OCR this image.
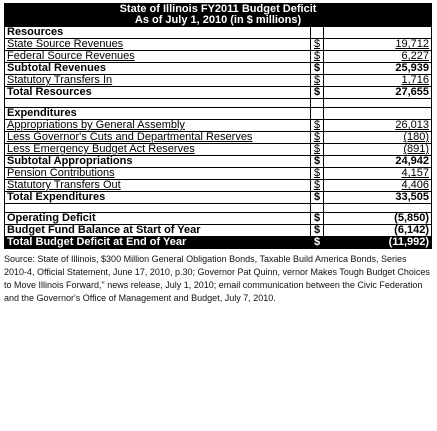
State of Illinois FY2011 Budget Deficit
As of July 1, 2010 (in $ millions)		
Resources		
State Source Revenues	$	19,712
Federal Source Revenues	$	6,227
Subtotal Revenues	$	25,939
Statutory Transfers In	$	1,716
Total Resources	$	27,655

Expenditures		
Appropriations by General Assembly	$	26,013
Less Governor's Cuts and Departmental Reserves	$	(180)
Less Emergency Budget Act Reserves	$	(891)
Subtotal Appropriations	$	24,942
Pension Contributions	$	4,157
Statutory Transfers Out	$	4,406
Total Expenditures	$	33,505

Operating Deficit	$	(5,850)
Budget Fund Balance at Start of Year	$	(6,142)
Total Budget Deficit at End of Year	$	(11,992)
Source: State of Illinois, $300 Million General Obligation Bonds, Taxable Build America Bonds, Series 2010-4, Official Statement, June 17, 2010, p.30; Governor Pat Quinn, vernor Makes Tough Budget Choices to Move Illinois Forward," news release, July 1, 2010; email communication between the Civic Federation and the Governor's Office of Management and Budget, July 7, 2010.
